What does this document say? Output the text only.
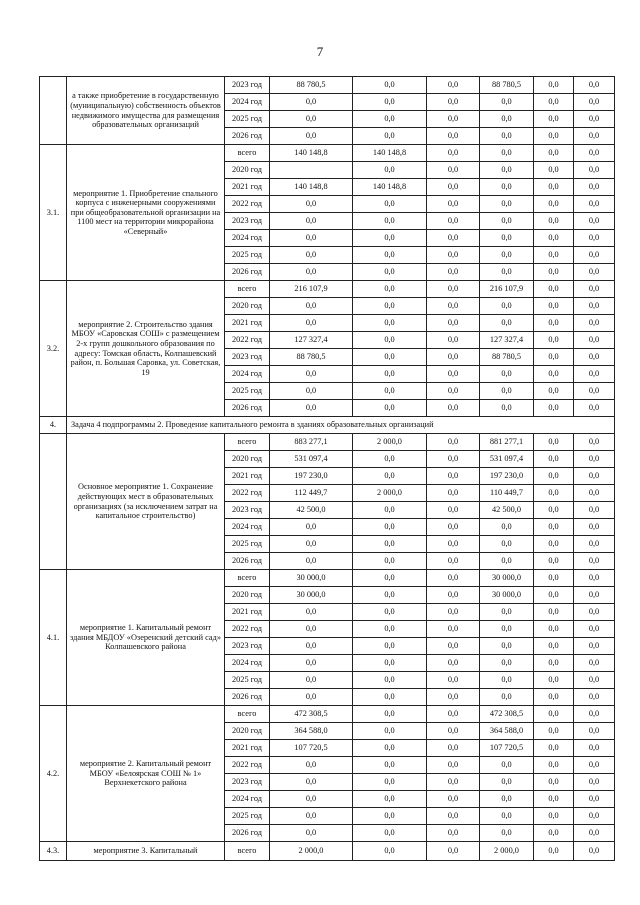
7
	а также приобретение в государственную (муниципальную) собственность объектов недвижимого имущества для размещения образовательных организаций	2023 год	88 780,5	0,0	0,0	88 780,5	0,0	0,0
		2024 год	0,0	0,0	0,0	0,0	0,0	0,0
		2025 год	0,0	0,0	0,0	0,0	0,0	0,0
		2026 год	0,0	0,0	0,0	0,0	0,0	0,0
3.1.	мероприятие 1. Приобретение спального корпуса с инженерными сооружениями при общеобразовательной организации на 1100 мест на территории микрорайона «Северный»	всего	140 148,8	140 148,8	0,0	0,0	0,0	0,0
		2020 год		0,0	0,0	0,0	0,0	0,0
		2021 год	140 148,8	140 148,8	0,0	0,0	0,0	0,0
		2022 год	0,0	0,0	0,0	0,0	0,0	0,0
		2023 год	0,0	0,0	0,0	0,0	0,0	0,0
		2024 год	0,0	0,0	0,0	0,0	0,0	0,0
		2025 год	0,0	0,0	0,0	0,0	0,0	0,0
		2026 год	0,0	0,0	0,0	0,0	0,0	0,0
3.2.	мероприятие 2. Строительство здания МБОУ «Саровская СОШ» с размещением 2-х групп дошкольного образования по адресу: Томская область, Колпашевский район, п. Большая Саровка, ул. Советская, 19	всего	216 107,9	0,0	0,0	216 107,9	0,0	0,0
		2020 год	0,0	0,0	0,0	0,0	0,0	0,0
		2021 год	0,0	0,0	0,0	0,0	0,0	0,0
		2022 год	127 327,4	0,0	0,0	127 327,4	0,0	0,0
		2023 год	88 780,5	0,0	0,0	88 780,5	0,0	0,0
		2024 год	0,0	0,0	0,0	0,0	0,0	0,0
		2025 год	0,0	0,0	0,0	0,0	0,0	0,0
		2026 год	0,0	0,0	0,0	0,0	0,0	0,0
4.	Задача 4 подпрограммы 2. Проведение капитального ремонта в зданиях образовательных организаций							
	Основное мероприятие 1. Сохранение действующих мест в образовательных организациях (за исключением затрат на капитальное строительство)	всего	883 277,1	2 000,0	0,0	881 277,1	0,0	0,0
		2020 год	531 097,4	0,0	0,0	531 097,4	0,0	0,0
		2021 год	197 230,0	0,0	0,0	197 230,0	0,0	0,0
		2022 год	112 449,7	2 000,0	0,0	110 449,7	0,0	0,0
		2023 год	42 500,0	0,0	0,0	42 500,0	0,0	0,0
		2024 год	0,0	0,0	0,0	0,0	0,0	0,0
		2025 год	0,0	0,0	0,0	0,0	0,0	0,0
		2026 год	0,0	0,0	0,0	0,0	0,0	0,0
4.1.	мероприятие 1. Капитальный ремонт здания МБДОУ «Озеренский детский сад» Колпашевского района	всего	30 000,0	0,0	0,0	30 000,0	0,0	0,0
		2020 год	30 000,0	0,0	0,0	30 000,0	0,0	0,0
		2021 год	0,0	0,0	0,0	0,0	0,0	0,0
		2022 год	0,0	0,0	0,0	0,0	0,0	0,0
		2023 год	0,0	0,0	0,0	0,0	0,0	0,0
		2024 год	0,0	0,0	0,0	0,0	0,0	0,0
		2025 год	0,0	0,0	0,0	0,0	0,0	0,0
		2026 год	0,0	0,0	0,0	0,0	0,0	0,0
4.2.	мероприятие 2. Капитальный ремонт МБОУ «Белоярская СОШ № 1» Верхнекетского района	всего	472 308,5	0,0	0,0	472 308,5	0,0	0,0
		2020 год	364 588,0	0,0	0,0	364 588,0	0,0	0,0
		2021 год	107 720,5	0,0	0,0	107 720,5	0,0	0,0
		2022 год	0,0	0,0	0,0	0,0	0,0	0,0
		2023 год	0,0	0,0	0,0	0,0	0,0	0,0
		2024 год	0,0	0,0	0,0	0,0	0,0	0,0
		2025 год	0,0	0,0	0,0	0,0	0,0	0,0
		2026 год	0,0	0,0	0,0	0,0	0,0	0,0
4.3.	мероприятие 3. Капитальный	всего	2 000,0	0,0	0,0	2 000,0	0,0	0,0
